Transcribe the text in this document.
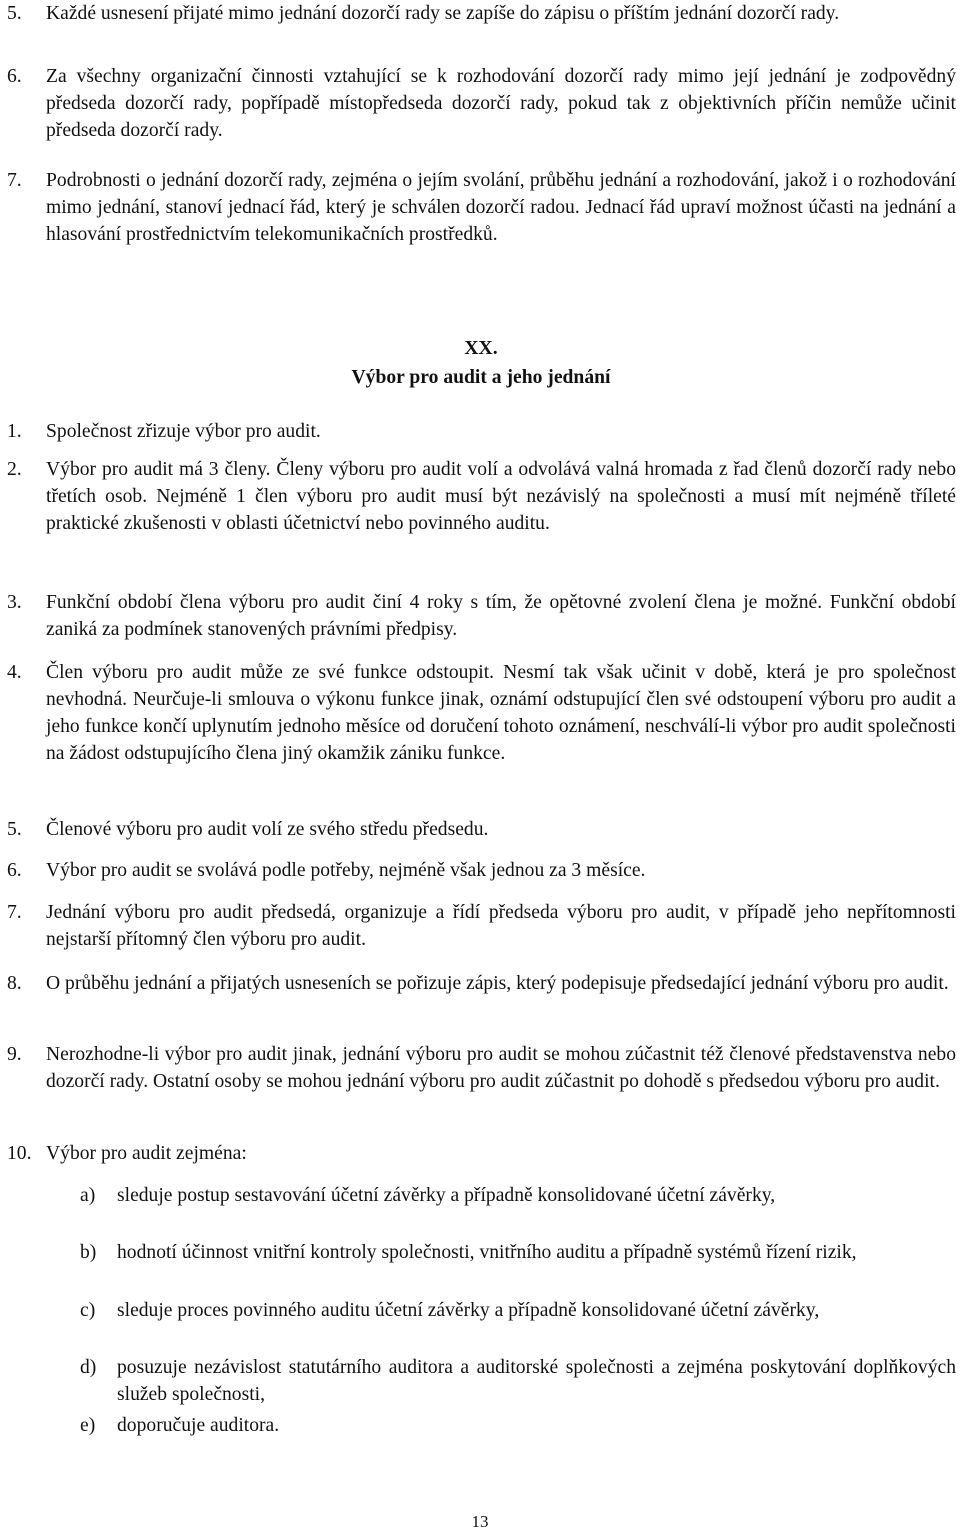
5. Každé usnesení přijaté mimo jednání dozorčí rady se zapíše do zápisu o příštím jednání dozorčí rady.
6. Za všechny organizační činnosti vztahující se k rozhodování dozorčí rady mimo její jednání je zodpovědný předseda dozorčí rady, popřípadě místopředseda dozorčí rady, pokud tak z objektivních příčin nemůže učinit předseda dozorčí rady.
7. Podrobnosti o jednání dozorčí rady, zejména o jejím svolání, průběhu jednání a rozhodování, jakož i o rozhodování mimo jednání, stanoví jednací řád, který je schválen dozorčí radou. Jednací řád upraví možnost účasti na jednání a hlasování prostřednictvím telekomunikačních prostředků.
XX.
Výbor pro audit a jeho jednání
1. Společnost zřizuje výbor pro audit.
2. Výbor pro audit má 3 členy. Členy výboru pro audit volí a odvolává valná hromada z řad členů dozorčí rady nebo třetích osob. Nejméně 1 člen výboru pro audit musí být nezávislý na společnosti a musí mít nejméně tříleté praktické zkušenosti v oblasti účetnictví nebo povinného auditu.
3. Funkční období člena výboru pro audit činí 4 roky s tím, že opětovné zvolení člena je možné. Funkční období zaniká za podmínek stanovených právními předpisy.
4. Člen výboru pro audit může ze své funkce odstoupit. Nesmí tak však učinit v době, která je pro společnost nevhodná. Neurčuje-li smlouva o výkonu funkce jinak, oznámí odstupující člen své odstoupení výboru pro audit a jeho funkce končí uplynutím jednoho měsíce od doručení tohoto oznámení, neschválí-li výbor pro audit společnosti na žádost odstupujícího člena jiný okamžik zániku funkce.
5. Členové výboru pro audit volí ze svého středu předsedu.
6. Výbor pro audit se svolává podle potřeby, nejméně však jednou za 3 měsíce.
7. Jednání výboru pro audit předsedá, organizuje a řídí předseda výboru pro audit, v případě jeho nepřítomnosti nejstarší přítomný člen výboru pro audit.
8. O průběhu jednání a přijatých usneseních se pořizuje zápis, který podepisuje předsedající jednání výboru pro audit.
9. Nerozhodne-li výbor pro audit jinak, jednání výboru pro audit se mohou zúčastnit též členové představenstva nebo dozorčí rady. Ostatní osoby se mohou jednání výboru pro audit zúčastnit po dohodě s předsedou výboru pro audit.
10. Výbor pro audit zejména:
a) sleduje postup sestavování účetní závěrky a případně konsolidované účetní závěrky,
b) hodnotí účinnost vnitřní kontroly společnosti, vnitřního auditu a případně systémů řízení rizik,
c) sleduje proces povinného auditu účetní závěrky a případně konsolidované účetní závěrky,
d) posuzuje nezávislost statutárního auditora a auditorské společnosti a zejména poskytování doplňkových služeb společnosti,
e) doporučuje auditora.
13
